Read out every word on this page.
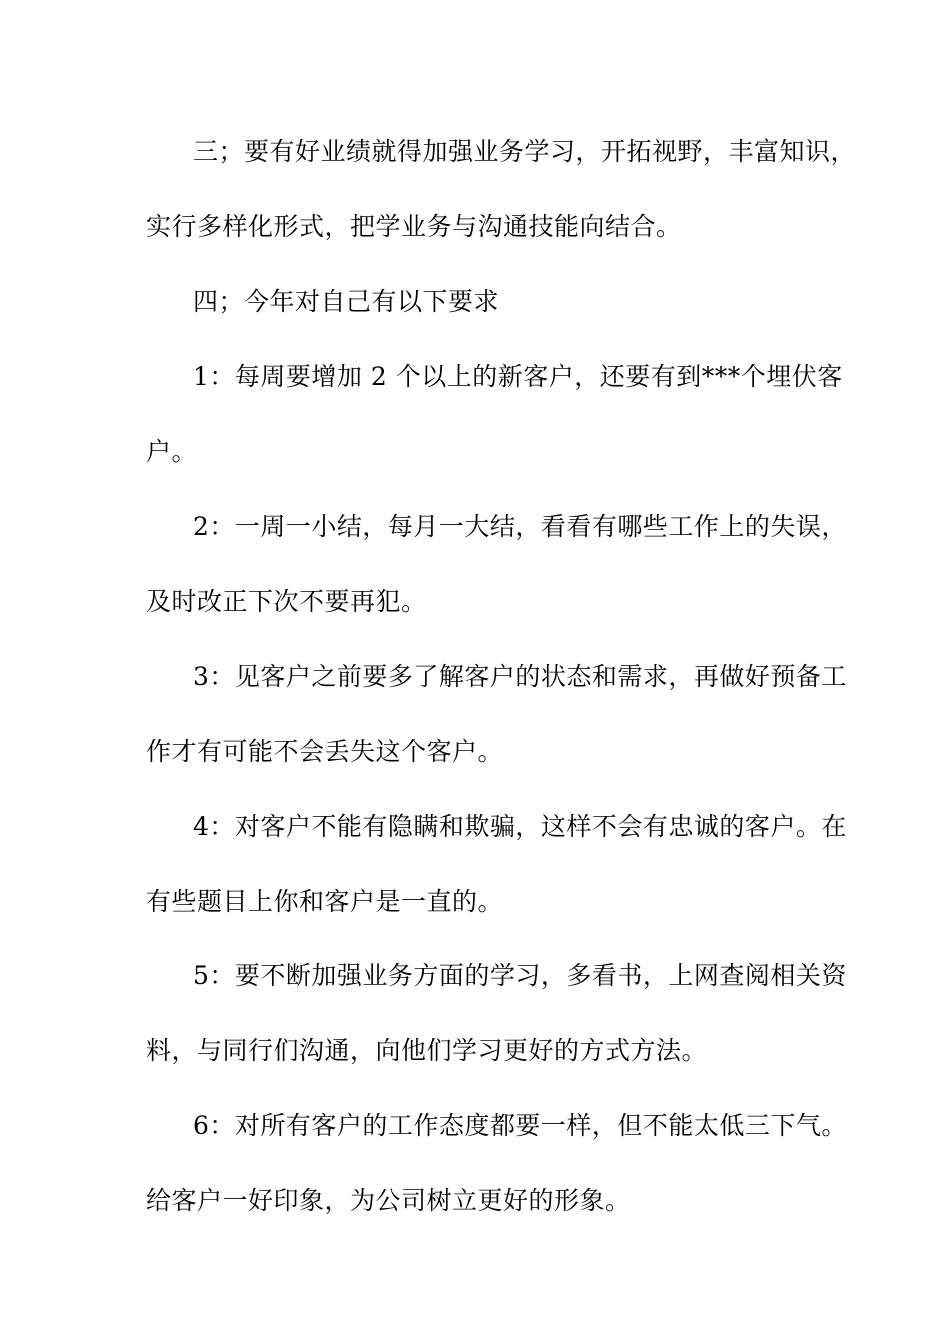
三；要有好业绩就得加强业务学习，开拓视野，丰富知识，
实行多样化形式，把学业务与沟通技能向结合。
四；今年对自己有以下要求
1：每周要增加 2 个以上的新客户，还要有到***个埋伏客
户。
2：一周一小结，每月一大结，看看有哪些工作上的失误，
及时改正下次不要再犯。
3：见客户之前要多了解客户的状态和需求，再做好预备工
作才有可能不会丢失这个客户。
4：对客户不能有隐瞒和欺骗，这样不会有忠诚的客户。在
有些题目上你和客户是一直的。
5：要不断加强业务方面的学习，多看书，上网查阅相关资
料，与同行们沟通，向他们学习更好的方式方法。
6：对所有客户的工作态度都要一样，但不能太低三下气。
给客户一好印象，为公司树立更好的形象。
